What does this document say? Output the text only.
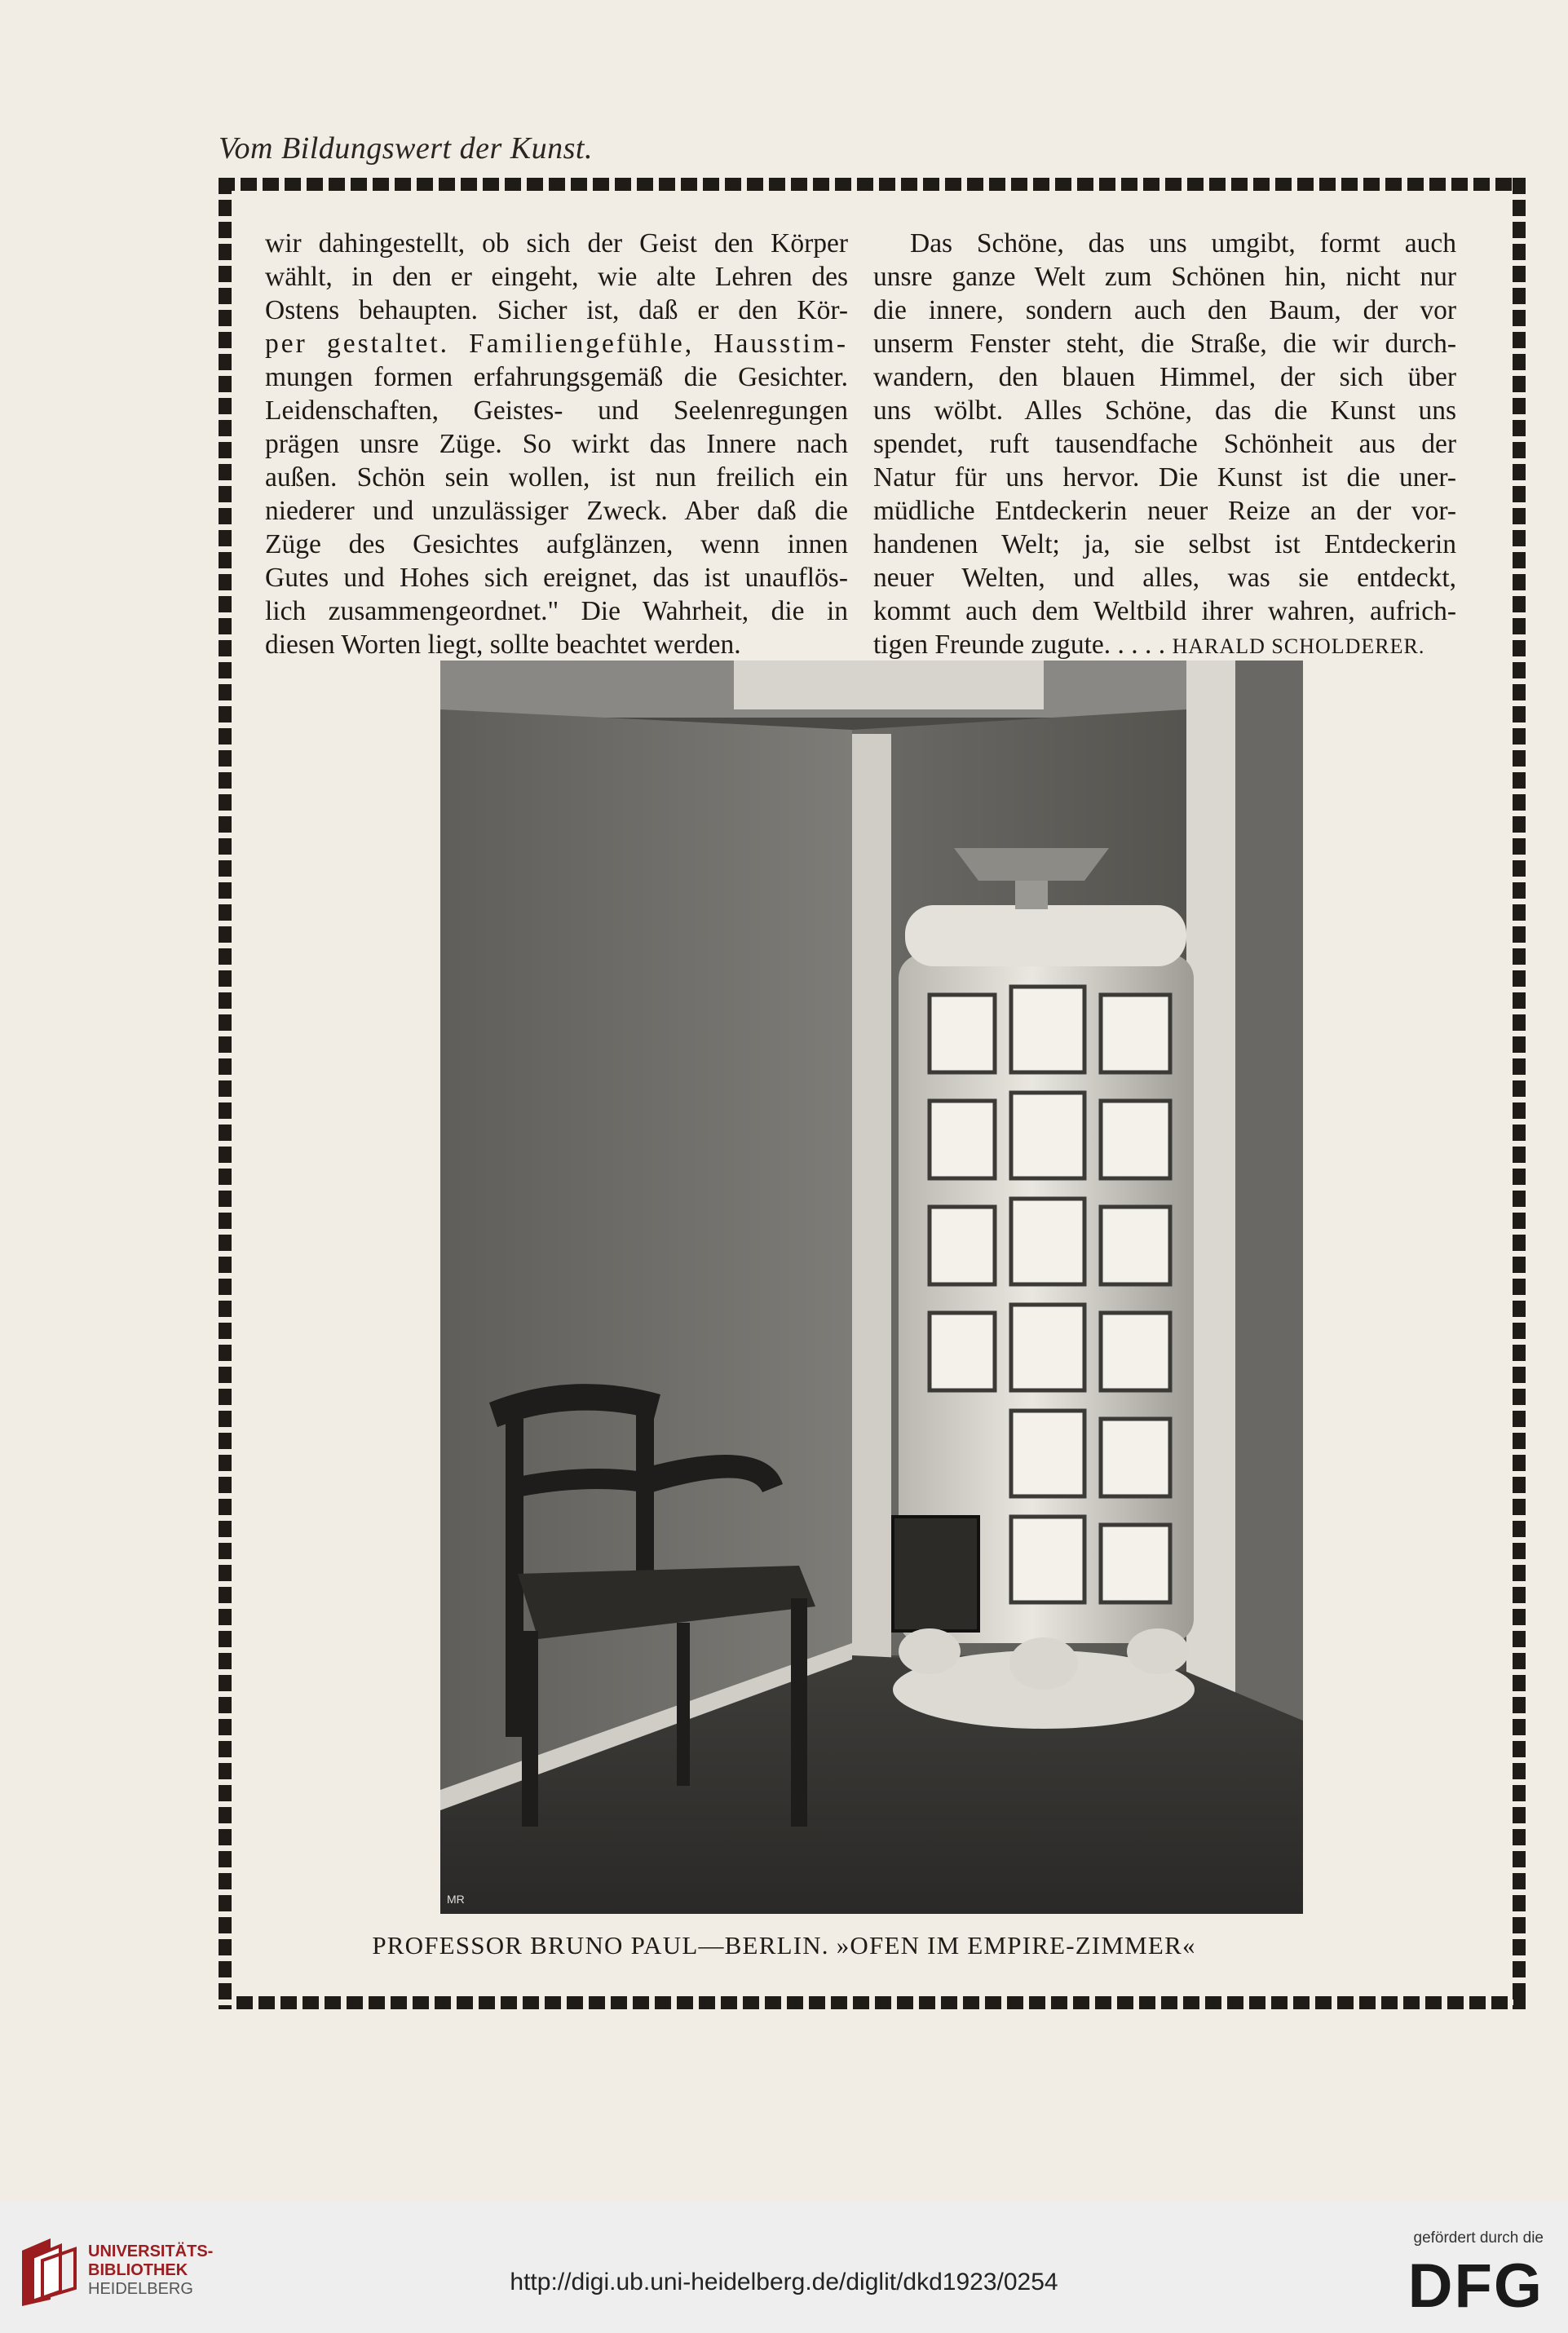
Vom Bildungswert der Kunst.

wir dahingestellt, ob sich der Geist den Körper
wählt, in den er eingeht, wie alte Lehren des
Ostens behaupten. Sicher ist, daß er den Kör-
per gestaltet. Familiengefühle, Hausstim-
mungen formen erfahrungsgemäß die Gesichter.
Leidenschaften, Geistes- und Seelenregungen
prägen unsre Züge. So wirkt das Innere nach
außen. Schön sein wollen, ist nun freilich ein
niederer und unzulässiger Zweck. Aber daß die
Züge des Gesichtes aufglänzen, wenn innen
Gutes und Hohes sich ereignet, das ist unauflös-
lich zusammengeordnet." Die Wahrheit, die in
diesen Worten liegt, sollte beachtet werden.

Das Schöne, das uns umgibt, formt auch
unsre ganze Welt zum Schönen hin, nicht nur
die innere, sondern auch den Baum, der vor
unserm Fenster steht, die Straße, die wir durch-
wandern, den blauen Himmel, der sich über
uns wölbt. Alles Schöne, das die Kunst uns
spendet, ruft tausendfache Schönheit aus der
Natur für uns hervor. Die Kunst ist die uner-
müdliche Entdeckerin neuer Reize an der vor-
handenen Welt; ja, sie selbst ist Entdeckerin
neuer Welten, und alles, was sie entdeckt,
kommt auch dem Weltbild ihrer wahren, aufrich-
tigen Freunde zugute. . . . . HARALD SCHOLDERER.

MR
PROFESSOR BRUNO PAUL—BERLIN. »OFEN IM EMPIRE-ZIMMER«
UNIVERSITÄTS-
BIBLIOTHEK
HEIDELBERG	http://digi.ub.uni-heidelberg.de/diglit/dkd1923/0254
gefördert durch die
DFG
